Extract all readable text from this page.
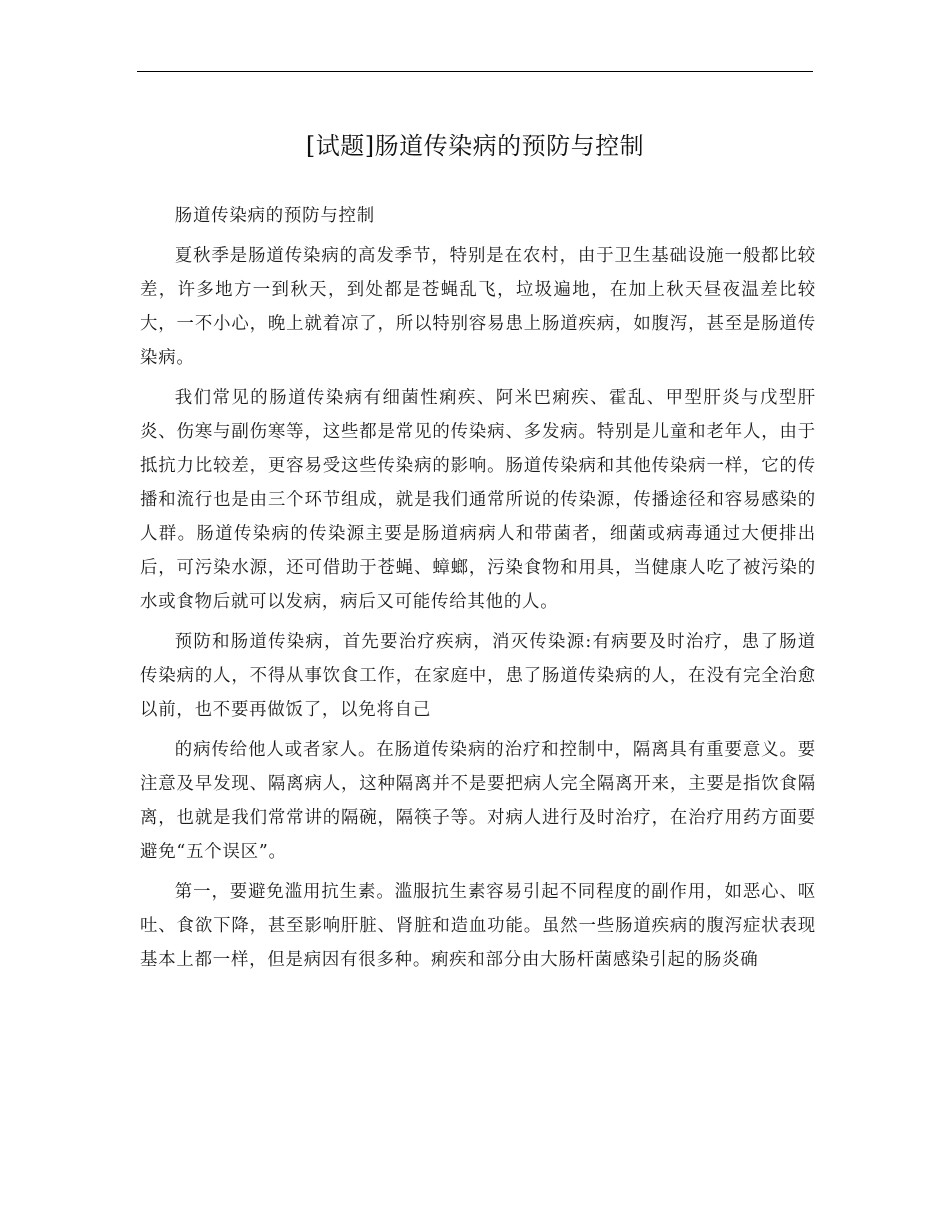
[试题]肠道传染病的预防与控制

肠道传染病的预防与控制

夏秋季是肠道传染病的高发季节，特别是在农村，由于卫生基础设施一般都比较差，许多地方一到秋天，到处都是苍蝇乱飞，垃圾遍地，在加上秋天昼夜温差比较大，一不小心，晚上就着凉了，所以特别容易患上肠道疾病，如腹泻，甚至是肠道传染病。

我们常见的肠道传染病有细菌性痢疾、阿米巴痢疾、霍乱、甲型肝炎与戊型肝炎、伤寒与副伤寒等，这些都是常见的传染病、多发病。特别是儿童和老年人，由于抵抗力比较差，更容易受这些传染病的影响。肠道传染病和其他传染病一样，它的传播和流行也是由三个环节组成，就是我们通常所说的传染源，传播途径和容易感染的人群。肠道传染病的传染源主要是肠道病病人和带菌者，细菌或病毒通过大便排出后，可污染水源，还可借助于苍蝇、蟑螂，污染食物和用具，当健康人吃了被污染的水或食物后就可以发病，病后又可能传给其他的人。

预防和肠道传染病，首先要治疗疾病，消灭传染源:有病要及时治疗，患了肠道传染病的人，不得从事饮食工作，在家庭中，患了肠道传染病的人，在没有完全治愈以前，也不要再做饭了，以免将自己

的病传给他人或者家人。在肠道传染病的治疗和控制中，隔离具有重要意义。要注意及早发现、隔离病人，这种隔离并不是要把病人完全隔离开来，主要是指饮食隔离，也就是我们常常讲的隔碗，隔筷子等。对病人进行及时治疗，在治疗用药方面要避免“五个误区”。

第一，要避免滥用抗生素。滥服抗生素容易引起不同程度的副作用，如恶心、呕吐、食欲下降，甚至影响肝脏、肾脏和造血功能。虽然一些肠道疾病的腹泻症状表现基本上都一样，但是病因有很多种。痢疾和部分由大肠杆菌感染引起的肠炎确
